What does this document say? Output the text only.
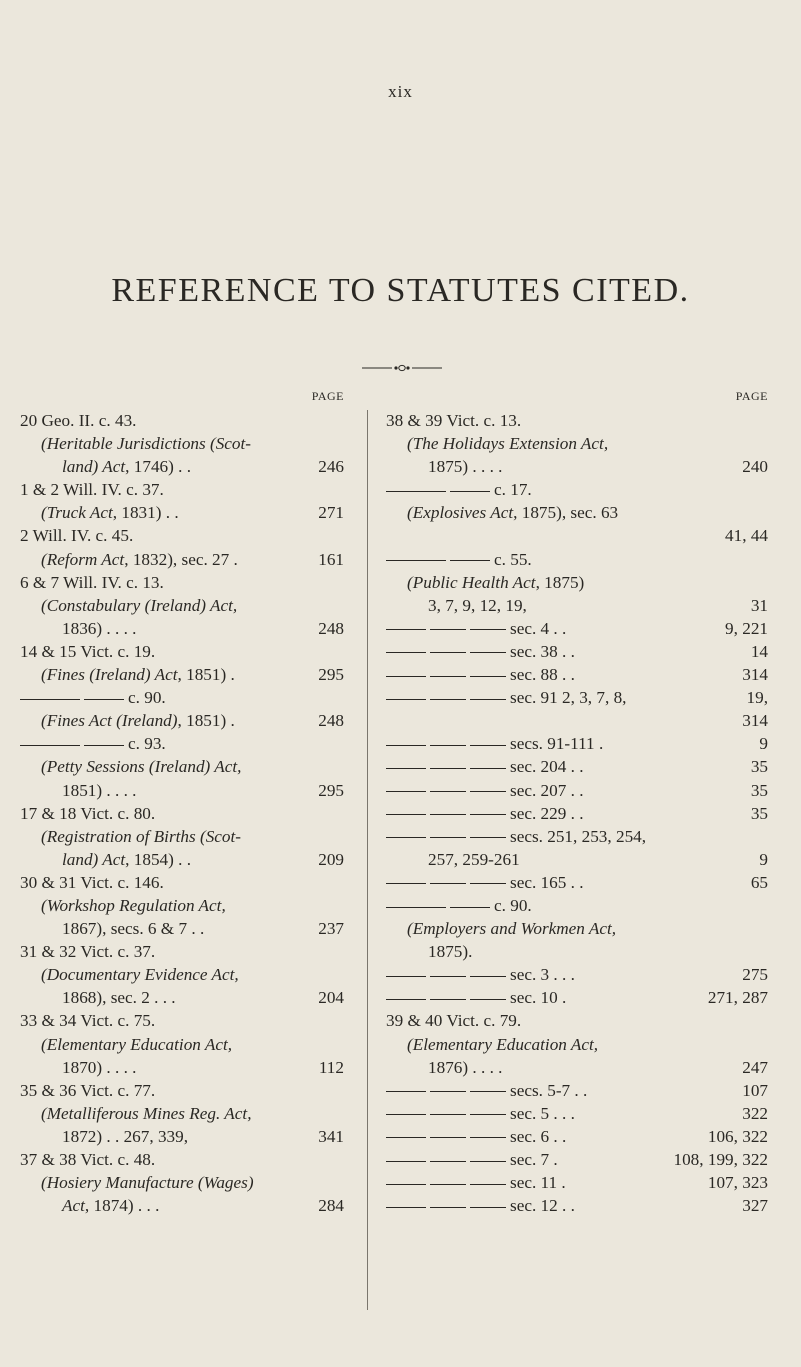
xix
REFERENCE TO STATUTES CITED.
PAGE
20 Geo. II. c. 43.
(Heritable Jurisdictions (Scot-
land) Act, 1746) . .	246
1 & 2 Will. IV. c. 37.
(Truck Act, 1831) . .	271
2 Will. IV. c. 45.
(Reform Act, 1832), sec. 27 .	161
6 & 7 Will. IV. c. 13.
(Constabulary (Ireland) Act,
1836) . . . .	248
14 & 15 Vict. c. 19.
(Fines (Ireland) Act, 1851) .	295
c. 90.
(Fines Act (Ireland), 1851) .	248
c. 93.
(Petty Sessions (Ireland) Act,
1851) . . . .	295
17 & 18 Vict. c. 80.
(Registration of Births (Scot-
land) Act, 1854) . .	209
30 & 31 Vict. c. 146.
(Workshop Regulation Act,
1867), secs. 6 & 7 . .	237
31 & 32 Vict. c. 37.
(Documentary Evidence Act,
1868), sec. 2 . . .	204
33 & 34 Vict. c. 75.
(Elementary Education Act,
1870) . . . .	112
35 & 36 Vict. c. 77.
(Metalliferous Mines Reg. Act,
1872) . . 267, 339,	341
37 & 38 Vict. c. 48.
(Hosiery Manufacture (Wages)
Act, 1874) . . .	284
PAGE
38 & 39 Vict. c. 13.
(The Holidays Extension Act,
1875) . . . .	240
c. 17.
(Explosives Act, 1875), sec. 63
41, 44
c. 55.
(Public Health Act, 1875)
3, 7, 9, 12, 19,	31
sec. 4 . .	9, 221
sec. 38 . .	14
sec. 88 . .	314
sec. 91 2, 3, 7, 8,	19,
314
secs. 91-111 .	9
sec. 204 . .	35
sec. 207 . .	35
sec. 229 . .	35
secs. 251, 253, 254,
257, 259-261	9
sec. 165 . .	65
c. 90.
(Employers and Workmen Act,
1875).
sec. 3 . . .	275
sec. 10 .	271, 287
39 & 40 Vict. c. 79.
(Elementary Education Act,
1876) . . . .	247
secs. 5-7 . .	107
sec. 5 . . .	322
sec. 6 . .	106, 322
sec. 7 .	108, 199, 322
sec. 11 .	107, 323
sec. 12 . .	327
